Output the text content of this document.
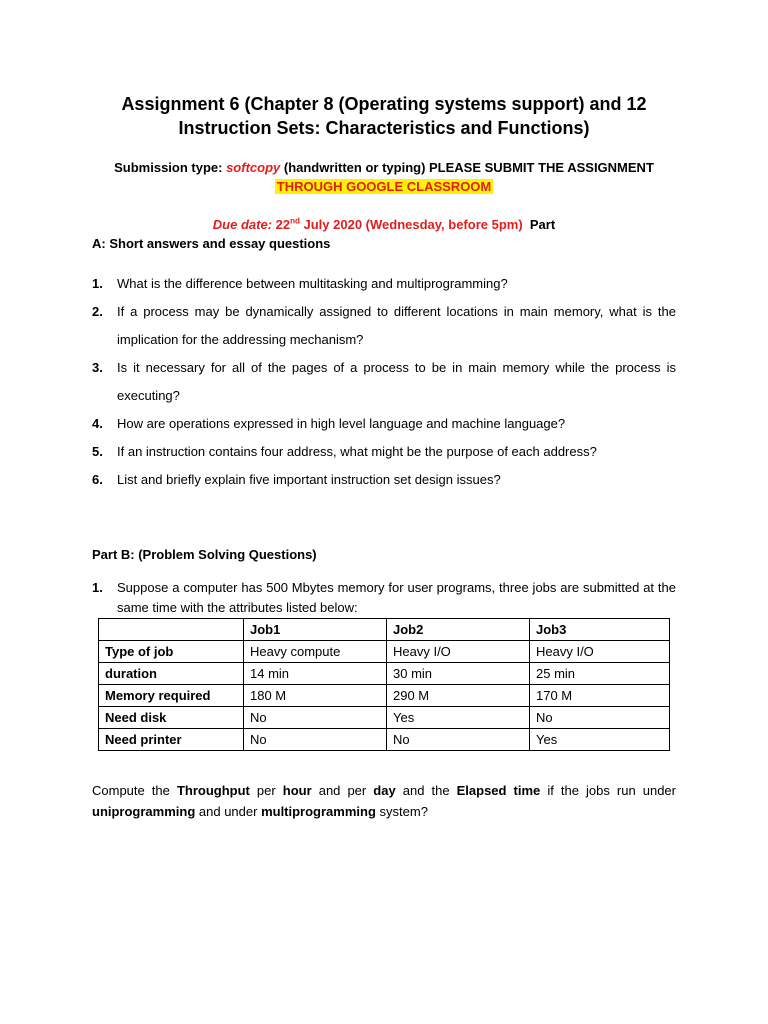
Assignment 6 (Chapter 8 (Operating systems support) and 12
Instruction Sets: Characteristics and Functions)
Submission type: softcopy (handwritten or typing) PLEASE SUBMIT THE ASSIGNMENT
THROUGH GOOGLE CLASSROOM
Due date: 22nd July 2020 (Wednesday, before 5pm) Part
A: Short answers and essay questions
1. What is the difference between multitasking and multiprogramming?
2. If a process may be dynamically assigned to different locations in main memory, what is the implication for the addressing mechanism?
3. Is it necessary for all of the pages of a process to be in main memory while the process is executing?
4. How are operations expressed in high level language and machine language?
5. If an instruction contains four address, what might be the purpose of each address?
6. List and briefly explain five important instruction set design issues?
Part B: (Problem Solving Questions)
1.	Suppose a computer has 500 Mbytes memory for user programs, three jobs are submitted at the same time with the attributes listed below:
	Job1	Job2	Job3
Type of job	Heavy compute	Heavy I/O	Heavy I/O
duration	14 min	30 min	25 min
Memory required	180 M	290 M	170 M
Need disk	No	Yes	No
Need printer	No	No	Yes
Compute the Throughput per hour and per day and the Elapsed time if the jobs run under uniprogramming and under multiprogramming system?
